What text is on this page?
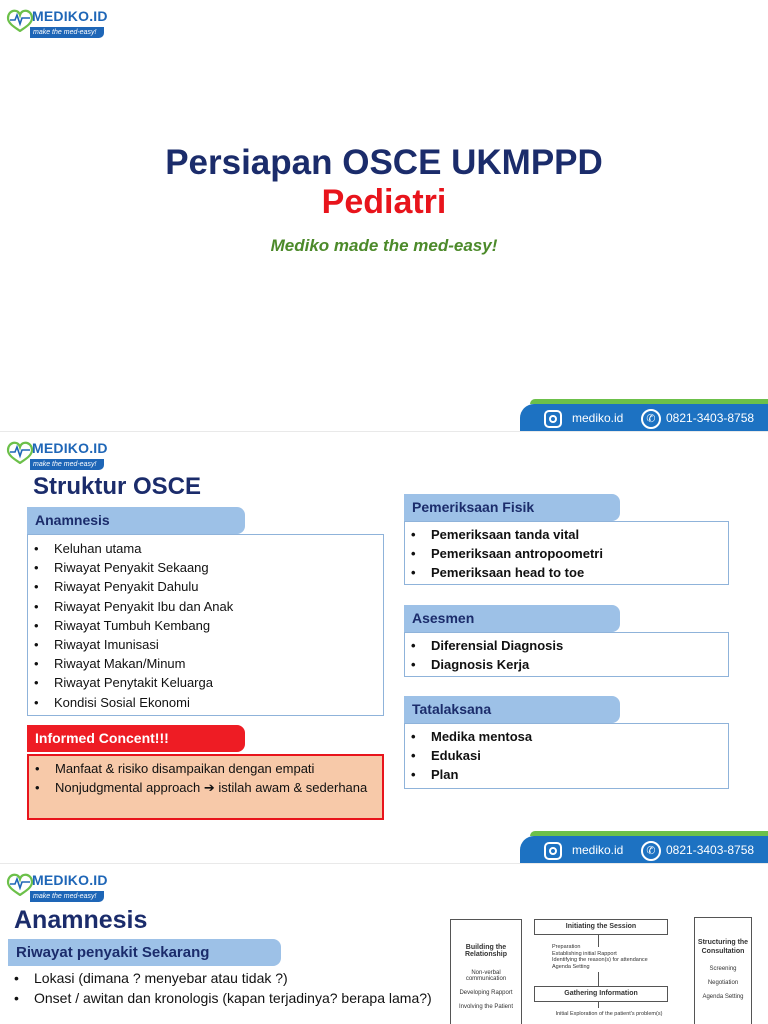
MEDIKO.ID
make the med-easy!
Persiapan OSCE UKMPPD
Pediatri
Mediko made the med-easy!
mediko.id	✆ 0821-3403-8758
MEDIKO.ID
make the med-easy!
Struktur OSCE
Anamnesis
• Keluhan utama
• Riwayat Penyakit Sekaang
• Riwayat Penyakit Dahulu
• Riwayat Penyakit Ibu dan Anak
• Riwayat Tumbuh Kembang
• Riwayat Imunisasi
• Riwayat Makan/Minum
• Riwayat Penytakit Keluarga
• Kondisi Sosial Ekonomi
Informed Concent!!!
• Manfaat & risiko disampaikan dengan empati
• Nonjudgmental approach ➔ istilah awam & sederhana
Pemeriksaan Fisik
• Pemeriksaan tanda vital
• Pemeriksaan antropoometri
• Pemeriksaan head to toe
Asesmen
• Diferensial Diagnosis
• Diagnosis Kerja
Tatalaksana
• Medika mentosa
• Edukasi
• Plan
mediko.id	✆ 0821-3403-8758
MEDIKO.ID
make the med-easy!
Anamnesis
Riwayat penyakit Sekarang
• Lokasi (dimana ? menyebar atau tidak ?)
• Onset / awitan dan kronologis (kapan terjadinya? berapa lama?)
Building the Relationship
Non-verbal communication
Developing Rapport
Involving the Patient
Initiating the Session
Preparation
Establishing initial Rapport
Identifying the reason(s) for attendance
Agenda Setting
Gathering Information
Initial Exploration of the patient's problem(s)
Structuring the Consultation
Screening
Negotiation
Agenda Setting
